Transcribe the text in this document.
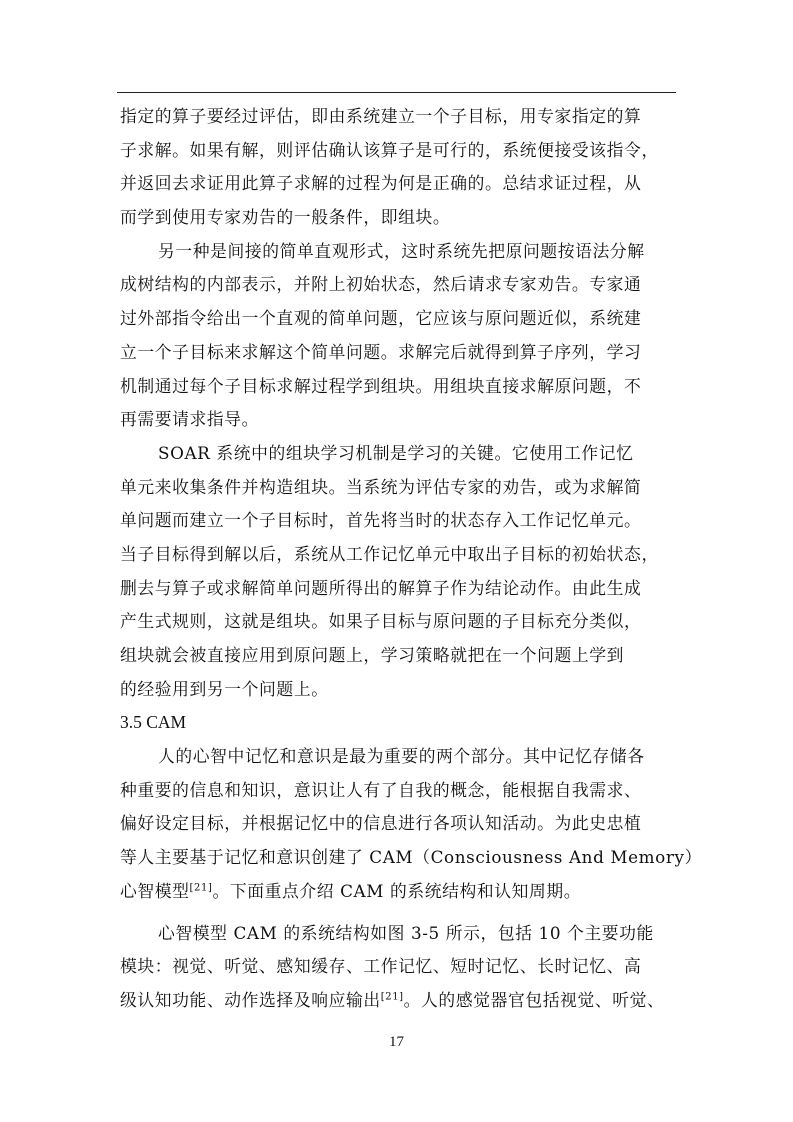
指定的算子要经过评估，即由系统建立一个子目标，用专家指定的算
子求解。如果有解，则评估确认该算子是可行的，系统便接受该指令，
并返回去求证用此算子求解的过程为何是正确的。总结求证过程，从
而学到使用专家劝告的一般条件，即组块。
另一种是间接的简单直观形式，这时系统先把原问题按语法分解
成树结构的内部表示，并附上初始状态，然后请求专家劝告。专家通
过外部指令给出一个直观的简单问题，它应该与原问题近似，系统建
立一个子目标来求解这个简单问题。求解完后就得到算子序列，学习
机制通过每个子目标求解过程学到组块。用组块直接求解原问题，不
再需要请求指导。
SOAR 系统中的组块学习机制是学习的关键。它使用工作记忆
单元来收集条件并构造组块。当系统为评估专家的劝告，或为求解简
单问题而建立一个子目标时，首先将当时的状态存入工作记忆单元。
当子目标得到解以后，系统从工作记忆单元中取出子目标的初始状态，
删去与算子或求解简单问题所得出的解算子作为结论动作。由此生成
产生式规则，这就是组块。如果子目标与原问题的子目标充分类似，
组块就会被直接应用到原问题上，学习策略就把在一个问题上学到
的经验用到另一个问题上。
3.5 CAM
人的心智中记忆和意识是最为重要的两个部分。其中记忆存储各
种重要的信息和知识，意识让人有了自我的概念，能根据自我需求、
偏好设定目标，并根据记忆中的信息进行各项认知活动。为此史忠植
等人主要基于记忆和意识创建了 CAM（Consciousness And Memory）
心智模型[21]。下面重点介绍 CAM 的系统结构和认知周期。
心智模型 CAM 的系统结构如图 3-5 所示，包括 10 个主要功能
模块：视觉、听觉、感知缓存、工作记忆、短时记忆、长时记忆、高
级认知功能、动作选择及响应输出[21]。人的感觉器官包括视觉、听觉、
17
